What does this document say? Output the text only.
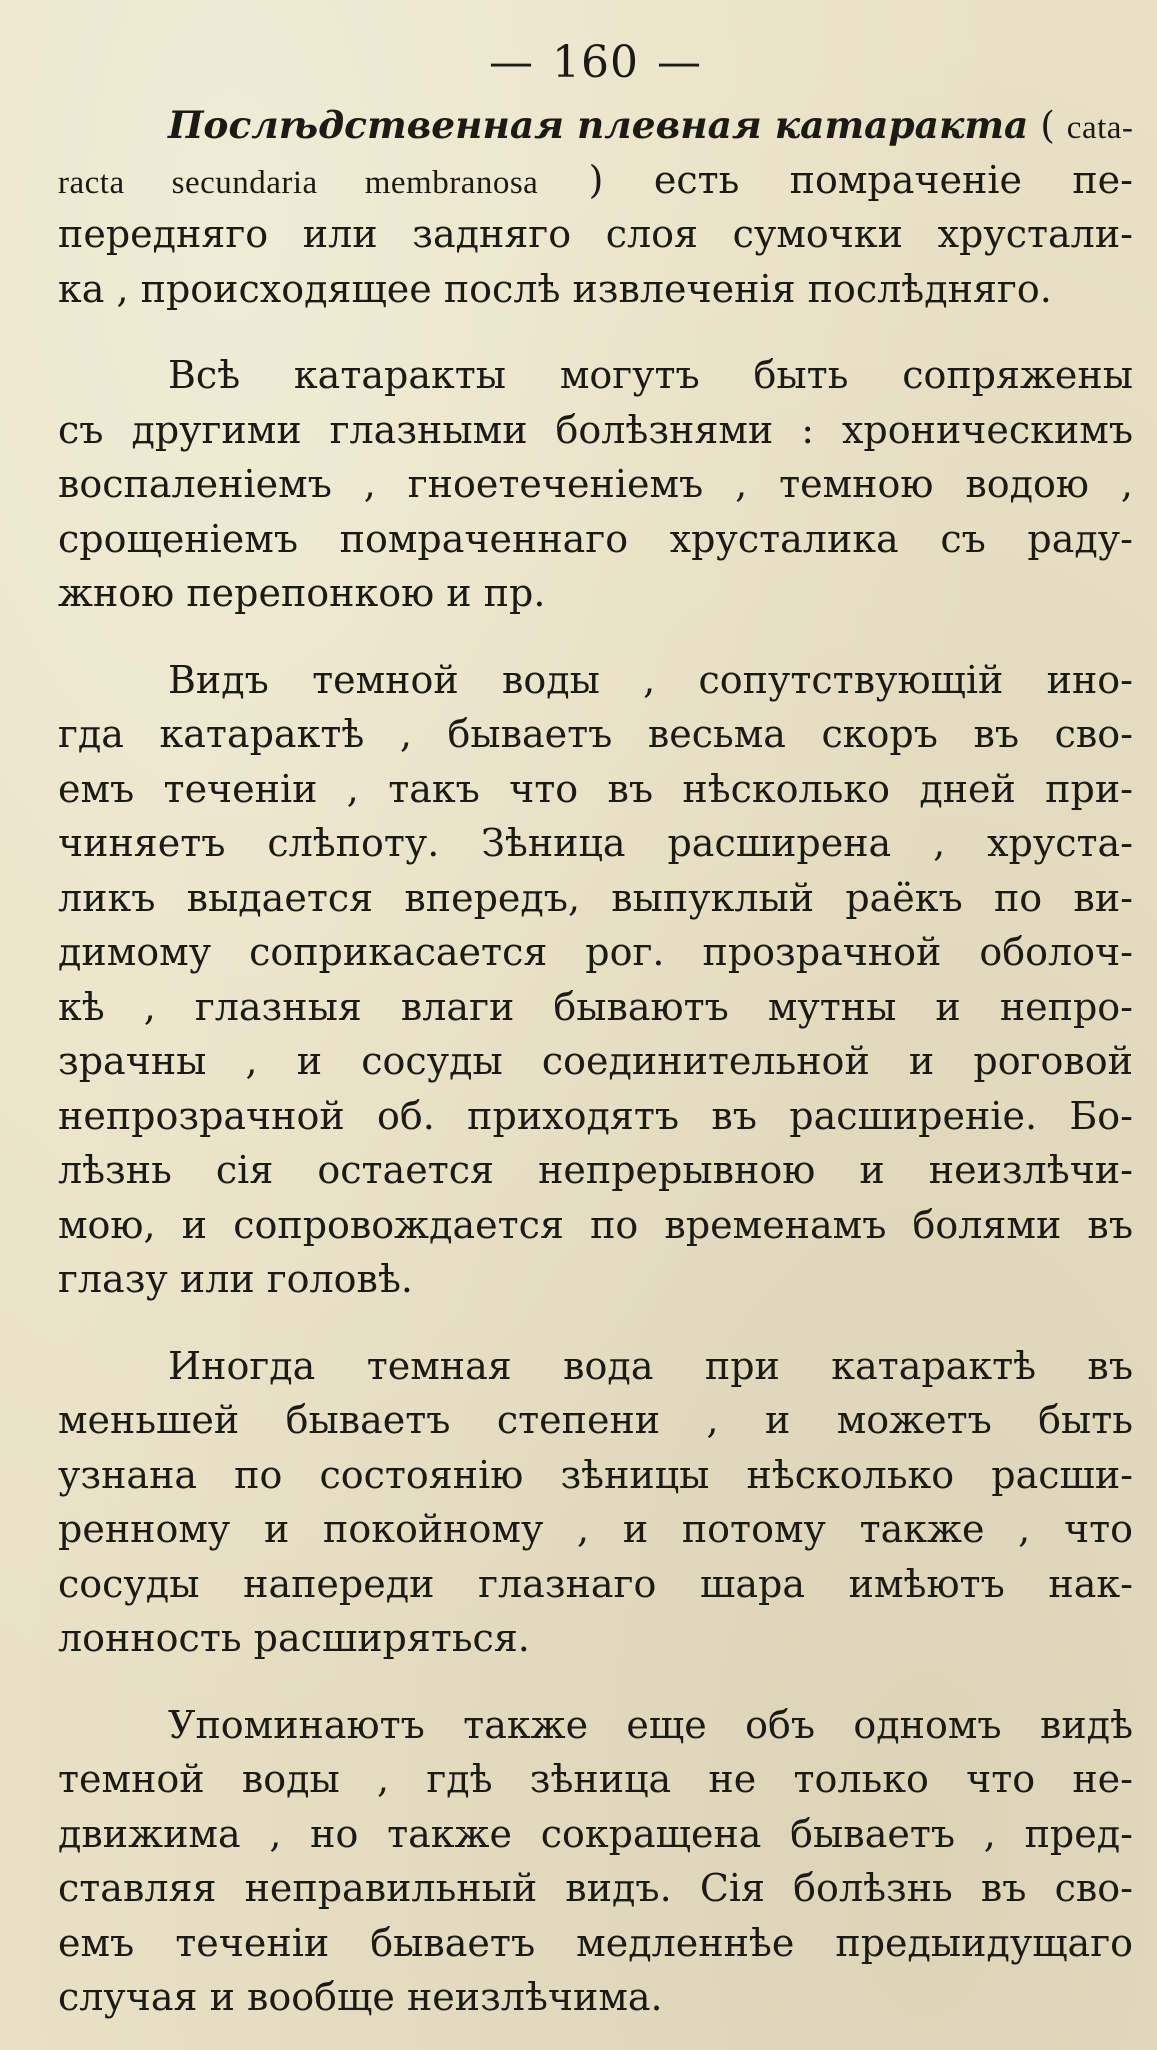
— 160 —
Послѣдственная плевная катаракта ( cata-
racta secundaria membranosa ) есть помраченіе пе-
передняго или задняго слоя сумочки хрустали-
ка , происходящее послѣ извлеченія послѣдняго.
Всѣ катаракты могутъ быть сопряжены
съ другими глазными болѣзнями : хроническимъ
воспаленіемъ , гноетеченіемъ , темною водою ,
срощеніемъ помраченнаго хрусталика съ раду-
жною перепонкою и пр.
Видъ темной воды , сопутствующій ино-
гда катарактѣ , бываетъ весьма скоръ въ сво-
емъ теченіи , такъ что въ нѣсколько дней при-
чиняетъ слѣпоту. Зѣница расширена , хруста-
ликъ выдается впередъ, выпуклый раёкъ по ви-
димому соприкасается рог. прозрачной оболоч-
кѣ , глазныя влаги бываютъ мутны и непро-
зрачны , и сосуды соединительной и роговой
непрозрачной об. приходятъ въ расширеніе. Бо-
лѣзнь сія остается непрерывною и неизлѣчи-
мою, и сопровождается по временамъ болями въ
глазу или головѣ.
Иногда темная вода при катарактѣ въ
меньшей бываетъ степени , и можетъ быть
узнана по состоянію зѣницы нѣсколько расши-
ренному и покойному , и потому также , что
сосуды напереди глазнаго шара имѣютъ нак-
лонность расширяться.
Упоминаютъ также еще объ одномъ видѣ
темной воды , гдѣ зѣница не только что не-
движима , но также сокращена бываетъ , пред-
ставляя неправильный видъ. Сія болѣзнь въ сво-
емъ теченіи бываетъ медленнѣе предыидущаго
случая и вообще неизлѣчима.
